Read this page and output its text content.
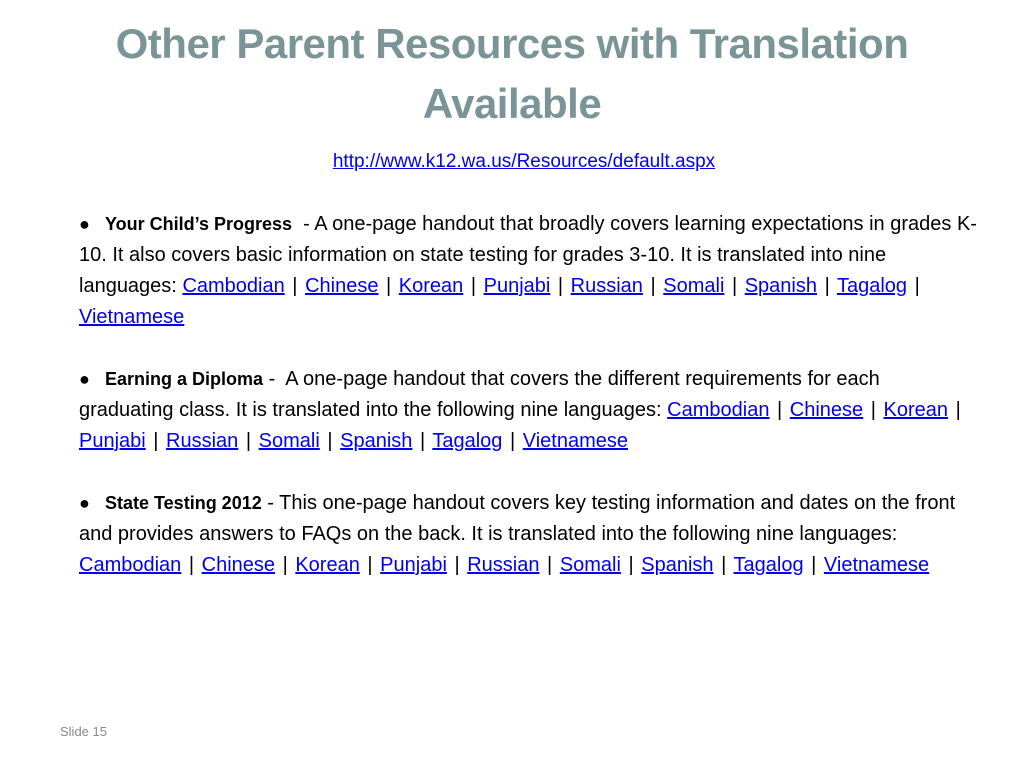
Other Parent Resources with Translation Available
http://www.k12.wa.us/Resources/default.aspx
● Your Child’s Progress  - A one-page handout that broadly covers learning expectations in grades K-10. It also covers basic information on state testing for grades 3-10. It is translated into nine languages: Cambodian | Chinese | Korean | Punjabi | Russian | Somali | Spanish | Tagalog | Vietnamese
● Earning a Diploma -  A one-page handout that covers the different requirements for each graduating class. It is translated into the following nine languages: Cambodian | Chinese | Korean | Punjabi | Russian | Somali | Spanish | Tagalog | Vietnamese
● State Testing 2012 - This one-page handout covers key testing information and dates on the front and provides answers to FAQs on the back. It is translated into the following nine languages: Cambodian | Chinese | Korean | Punjabi | Russian | Somali | Spanish | Tagalog | Vietnamese
Slide 15
